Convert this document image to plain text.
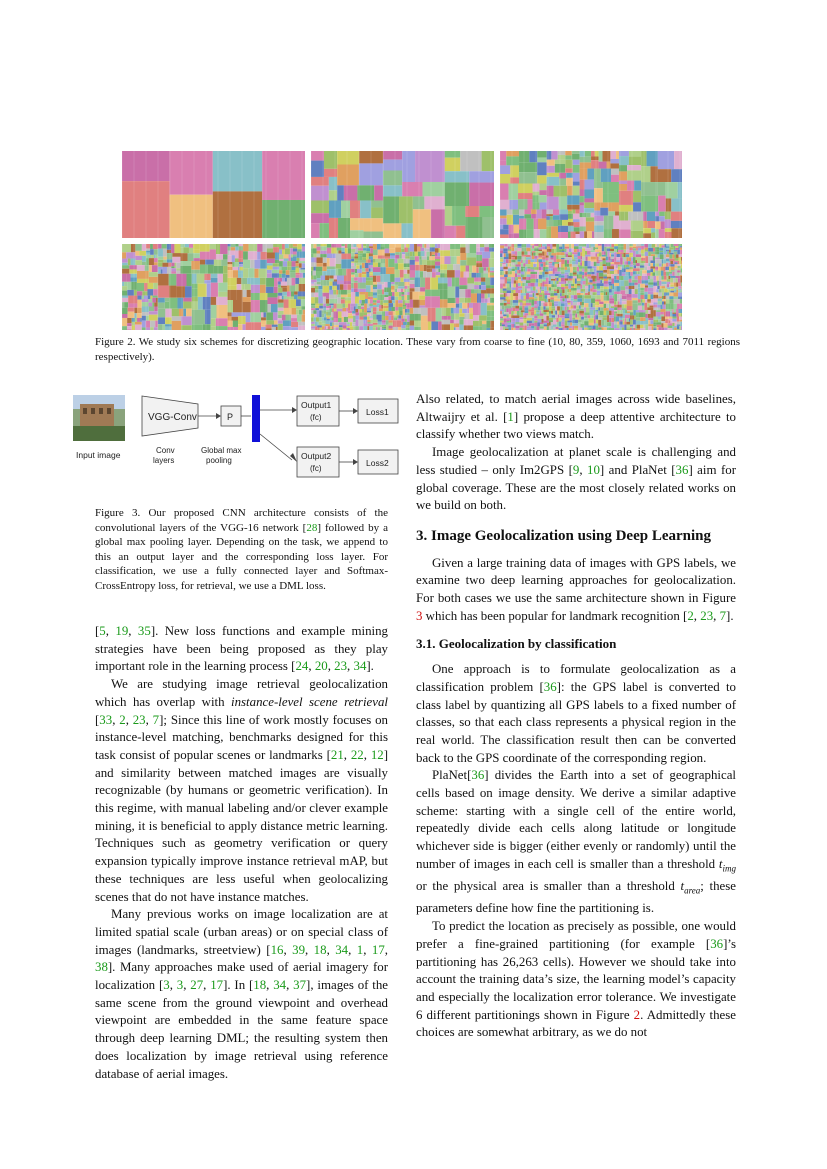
Figure 2. We study six schemes for discretizing geographic location. These vary from coarse to fine (10, 80, 359, 1060, 1693 and 7011 regions respectively).
Input image
VGG-Conv
Conv
layers
P
Global max
pooling
Output1
(fc)
Loss1
Output2
(fc)
Loss2
Figure 3. Our proposed CNN architecture consists of the convolutional layers of the VGG-16 network [28] followed by a global max pooling layer. Depending on the task, we append to this an output layer and the corresponding loss layer. For classification, we use a fully connected layer and Softmax-CrossEntropy loss, for retrieval, we use a DML loss.

[5, 19, 35]. New loss functions and example mining strategies have been being proposed as they play important role in the learning process [24, 20, 23, 34].

We are studying image retrieval geolocalization which has overlap with instance-level scene retrieval [33, 2, 23, 7]; Since this line of work mostly focuses on instance-level matching, benchmarks designed for this task consist of popular scenes or landmarks [21, 22, 12] and similarity between matched images are visually recognizable (by humans or geometric verification). In this regime, with manual labeling and/or clever example mining, it is beneficial to apply distance metric learning. Techniques such as geometry verification or query expansion typically improve instance retrieval mAP, but these techniques are less useful when geolocalizing scenes that do not have instance matches.

Many previous works on image localization are at limited spatial scale (urban areas) or on special class of images (landmarks, streetview) [16, 39, 18, 34, 1, 17, 38]. Many approaches make used of aerial imagery for localization [3, 3, 27, 17]. In [18, 34, 37], images of the same scene from the ground viewpoint and overhead viewpoint are embedded in the same feature space through deep learning DML; the resulting system then does localization by image retrieval using reference database of aerial images.

Also related, to match aerial images across wide baselines, Altwaijry et al. [1] propose a deep attentive architecture to classify whether two views match.

Image geolocalization at planet scale is challenging and less studied – only Im2GPS [9, 10] and PlaNet [36] aim for global coverage. These are the most closely related works on we build on both.

3. Image Geolocalization using Deep Learning

Given a large training data of images with GPS labels, we examine two deep learning approaches for geolocalization. For both cases we use the same architecture shown in Figure 3 which has been popular for landmark recognition [2, 23, 7].

3.1. Geolocalization by classification

One approach is to formulate geolocalization as a classification problem [36]: the GPS label is converted to class label by quantizing all GPS labels to a fixed number of classes, so that each class represents a physical region in the real world. The classification result then can be converted back to the GPS coordinate of the corresponding region.

PlaNet[36] divides the Earth into a set of geographical cells based on image density. We derive a similar adaptive scheme: starting with a single cell of the entire world, repeatedly divide each cells along latitude or longitude whichever side is bigger (either evenly or randomly) until the number of images in each cell is smaller than a threshold $t_{img}$ or the physical area is smaller than a threshold $t_{area}$; these parameters define how fine the partitioning is.

To predict the location as precisely as possible, one would prefer a fine-grained partitioning (for example [36]’s partitioning has 26,263 cells). However we should take into account the training data’s size, the learning model’s capacity and especially the localization error tolerance. We investigate 6 different partitionings shown in Figure 2. Admittedly these choices are somewhat arbitrary, as we do not
